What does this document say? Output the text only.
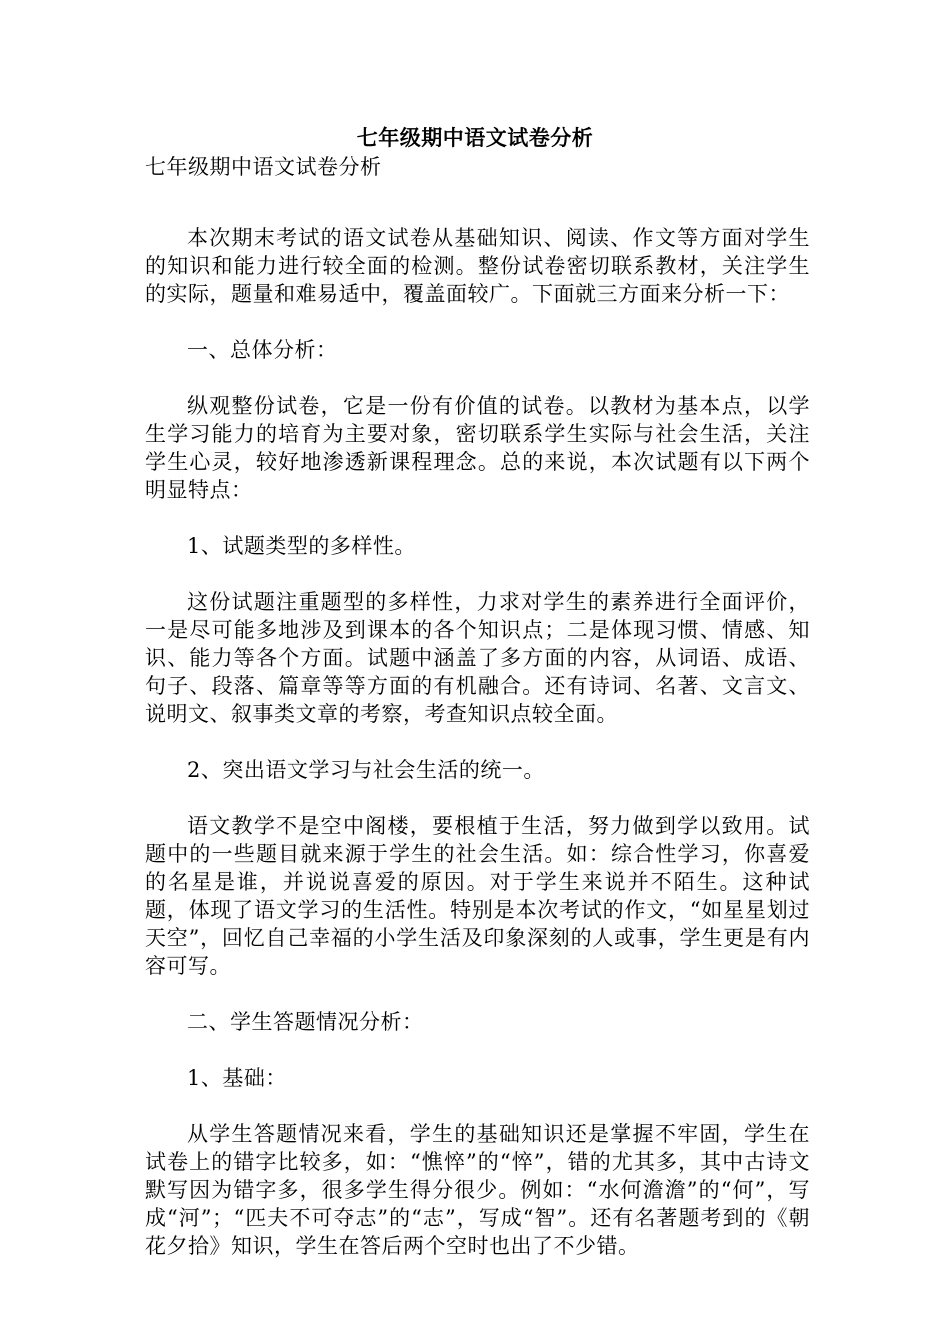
七年级期中语文试卷分析
七年级期中语文试卷分析

本次期末考试的语文试卷从基础知识、阅读、作文等方面对学生的知识和能力进行较全面的检测。整份试卷密切联系教材，关注学生的实际，题量和难易适中，覆盖面较广。下面就三方面来分析一下：

一、总体分析：

纵观整份试卷，它是一份有价值的试卷。以教材为基本点，以学生学习能力的培育为主要对象，密切联系学生实际与社会生活，关注学生心灵，较好地渗透新课程理念。总的来说，本次试题有以下两个明显特点：

1、试题类型的多样性。

这份试题注重题型的多样性，力求对学生的素养进行全面评价，一是尽可能多地涉及到课本的各个知识点；二是体现习惯、情感、知识、能力等各个方面。试题中涵盖了多方面的内容，从词语、成语、句子、段落、篇章等等方面的有机融合。还有诗词、名著、文言文、说明文、叙事类文章的考察，考查知识点较全面。

2、突出语文学习与社会生活的统一。

语文教学不是空中阁楼，要根植于生活，努力做到学以致用。试题中的一些题目就来源于学生的社会生活。如：综合性学习，你喜爱的名星是谁，并说说喜爱的原因。对于学生来说并不陌生。这种试题，体现了语文学习的生活性。特别是本次考试的作文，“如星星划过天空”，回忆自己幸福的小学生活及印象深刻的人或事，学生更是有内容可写。

二、学生答题情况分析：

1、基础：

从学生答题情况来看，学生的基础知识还是掌握不牢固，学生在试卷上的错字比较多，如：“憔悴”的“悴”，错的尤其多，其中古诗文默写因为错字多，很多学生得分很少。例如：“水何澹澹”的“何”，写成“河”；“匹夫不可夺志”的“志”，写成“智”。还有名著题考到的《朝花夕拾》知识，学生在答后两个空时也出了不少错。
